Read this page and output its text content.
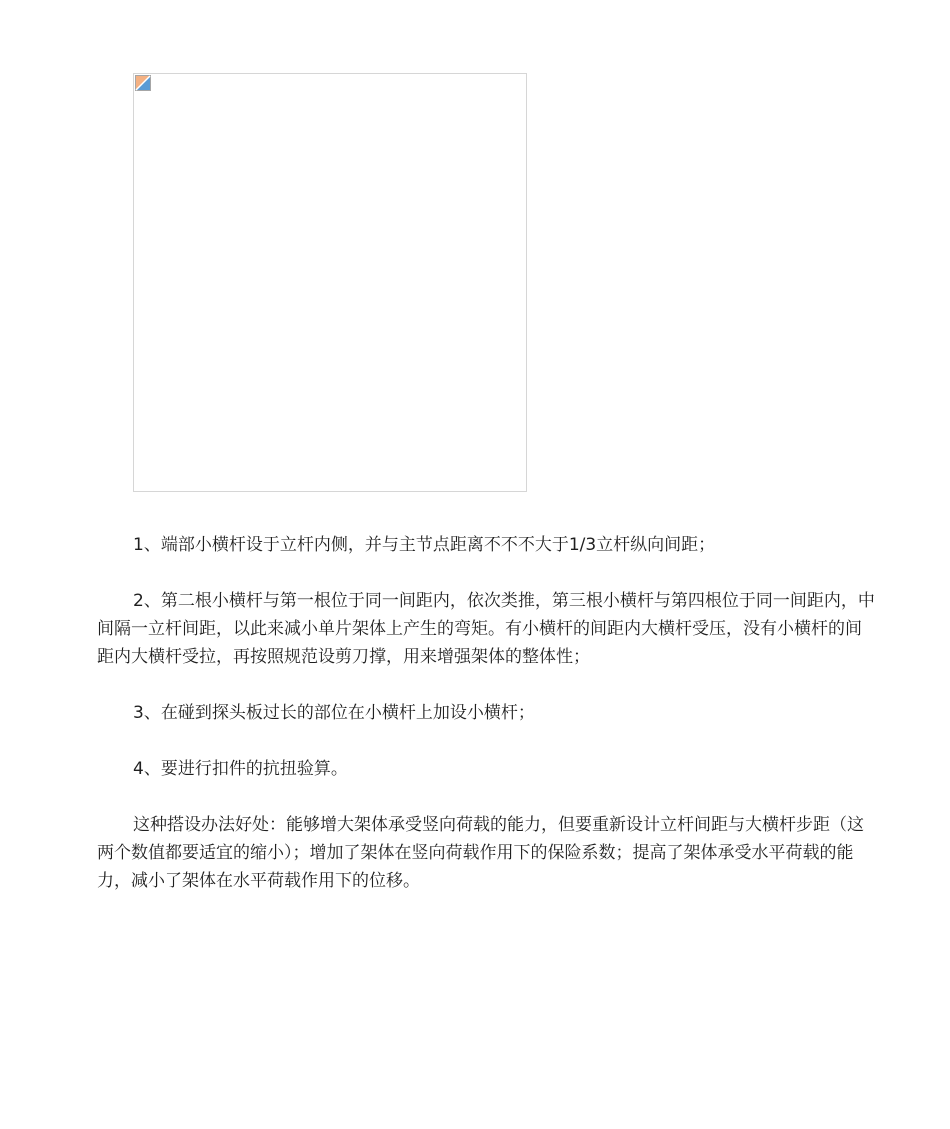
1、端部小横杆设于立杆内侧，并与主节点距离不不不大于1/3立杆纵向间距；

2、第二根小横杆与第一根位于同一间距内，依次类推，第三根小横杆与第四根位于同一间距内，中间隔一立杆间距，以此来减小单片架体上产生的弯矩。有小横杆的间距内大横杆受压，没有小横杆的间距内大横杆受拉，再按照规范设剪刀撑，用来增强架体的整体性；

3、在碰到探头板过长的部位在小横杆上加设小横杆；

4、要进行扣件的抗扭验算。

这种搭设办法好处：能够增大架体承受竖向荷载的能力，但要重新设计立杆间距与大横杆步距（这两个数值都要适宜的缩小）；增加了架体在竖向荷载作用下的保险系数；提高了架体承受水平荷载的能力，减小了架体在水平荷载作用下的位移。
